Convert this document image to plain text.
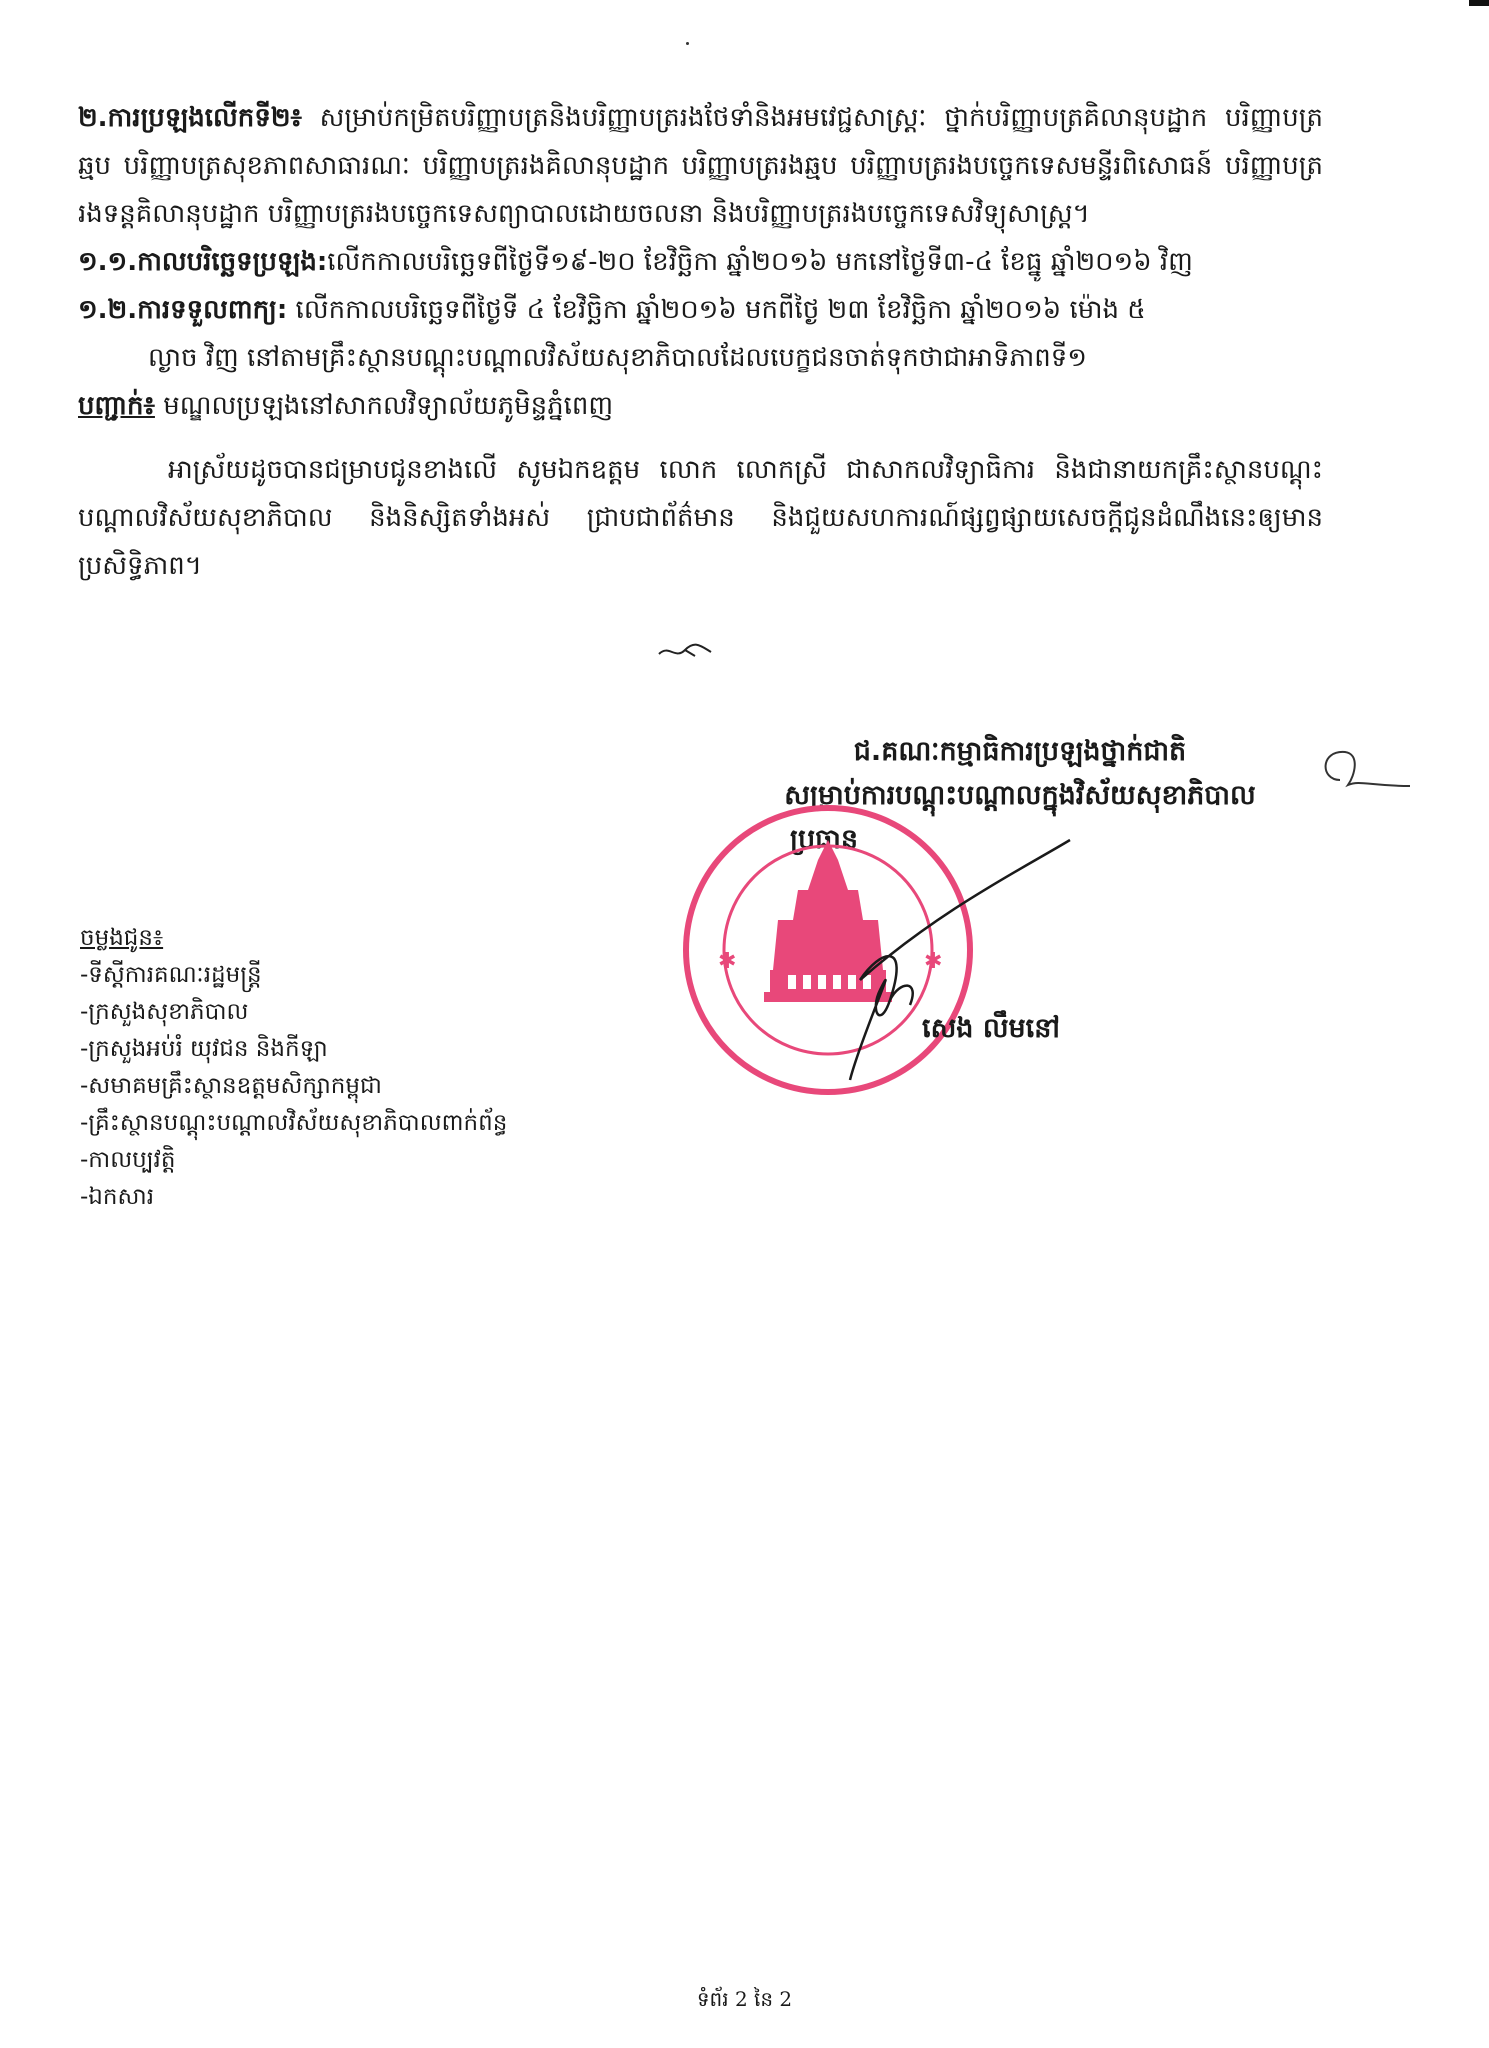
២.ការប្រឡងលើកទី២៖ សម្រាប់កម្រិតបរិញ្ញាបត្រនិងបរិញ្ញាបត្ររងថែទាំនិងអមវេជ្ជសាស្ត្រៈ ថ្នាក់បរិញ្ញាបត្រគិលានុបដ្ឋាក បរិញ្ញាបត្រឆ្មប បរិញ្ញាបត្រសុខភាពសាធារណៈ បរិញ្ញាបត្ររងគិលានុបដ្ឋាក បរិញ្ញាបត្ររងឆ្មប បរិញ្ញាបត្ររងបច្ចេកទេសមន្ទីរពិសោធន៍ បរិញ្ញាបត្ររងទន្តគិលានុបដ្ឋាក បរិញ្ញាបត្ររងបច្ចេកទេសព្យាបាលដោយចលនា និងបរិញ្ញាបត្ររងបច្ចេកទេសវិទ្យុសាស្ត្រ។

១.១.កាលបរិច្ឆេទប្រឡង:លើកកាលបរិច្ឆេទពីថ្ងៃទី១៩-២០ ខែវិច្ឆិកា ឆ្នាំ២០១៦ មកនៅថ្ងៃទី៣-៤ ខែធ្នូ ឆ្នាំ២០១៦ វិញ

១.២.ការទទួលពាក្យ: លើកកាលបរិច្ឆេទពីថ្ងៃទី ៤ ខែវិច្ឆិកា ឆ្នាំ២០១៦ មកពីថ្ងៃ ២៣ ខែវិច្ឆិកា ឆ្នាំ២០១៦ ម៉ោង ៥

ល្ងាច វិញ នៅតាមគ្រឹះស្ថានបណ្តុះបណ្តាលវិស័យសុខាភិបាលដែលបេក្ខជនចាត់ទុកថាជាអាទិភាពទី១

បញ្ជាក់៖ មណ្ឌលប្រឡងនៅសាកលវិទ្យាល័យភូមិន្ទភ្នំពេញ

អាស្រ័យដូចបានជម្រាបជូនខាងលើ សូមឯកឧត្តម លោក លោកស្រី ជាសាកលវិទ្យាធិការ និងជានាយកគ្រឹះស្ថានបណ្តុះបណ្តាលវិស័យសុខាភិបាល និងនិស្សិតទាំងអស់ ជ្រាបជាព័ត៌មាន និងជួយសហការណ៍ផ្សព្វផ្សាយសេចក្តីជូនដំណឹងនេះឲ្យមានប្រសិទ្ធិភាព។

ជ.គណៈកម្មាធិការប្រឡងថ្នាក់ជាតិ
សម្រាប់ការបណ្តុះបណ្តាលក្នុងវិស័យសុខាភិបាល
ប្រធាន
✱	✱
សេង លឹមនៅ
ចម្លងជូន៖
-ទីស្តីការគណៈរដ្ឋមន្ត្រី
-ក្រសួងសុខាភិបាល
-ក្រសួងអប់រំ យុវជន និងកីឡា
-សមាគមគ្រឹះស្ថានឧត្តមសិក្សាកម្ពុជា
-គ្រឹះស្ថានបណ្តុះបណ្តាលវិស័យសុខាភិបាលពាក់ព័ន្ធ
-កាលប្បវត្តិ
-ឯកសារ
ទំព័រ 2 នៃ 2
